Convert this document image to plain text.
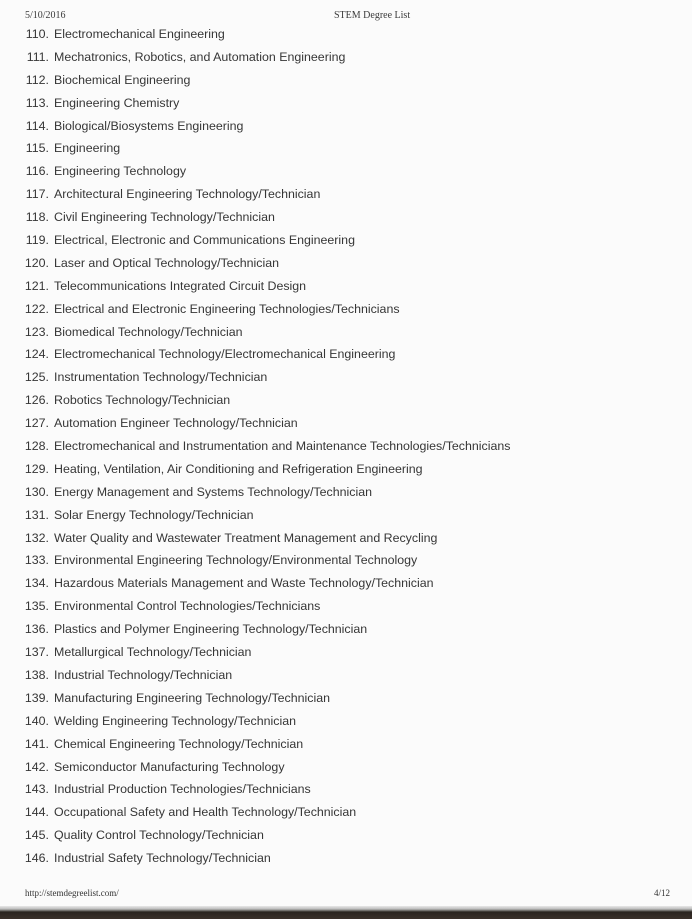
5/10/2016	STEM Degree List
110. Electromechanical Engineering
111. Mechatronics, Robotics, and Automation Engineering
112. Biochemical Engineering
113. Engineering Chemistry
114. Biological/Biosystems Engineering
115. Engineering
116. Engineering Technology
117. Architectural Engineering Technology/Technician
118. Civil Engineering Technology/Technician
119. Electrical, Electronic and Communications Engineering
120. Laser and Optical Technology/Technician
121. Telecommunications Integrated Circuit Design
122. Electrical and Electronic Engineering Technologies/Technicians
123. Biomedical Technology/Technician
124. Electromechanical Technology/Electromechanical Engineering
125. Instrumentation Technology/Technician
126. Robotics Technology/Technician
127. Automation Engineer Technology/Technician
128. Electromechanical and Instrumentation and Maintenance Technologies/Technicians
129. Heating, Ventilation, Air Conditioning and Refrigeration Engineering
130. Energy Management and Systems Technology/Technician
131. Solar Energy Technology/Technician
132. Water Quality and Wastewater Treatment Management and Recycling
133. Environmental Engineering Technology/Environmental Technology
134. Hazardous Materials Management and Waste Technology/Technician
135. Environmental Control Technologies/Technicians
136. Plastics and Polymer Engineering Technology/Technician
137. Metallurgical Technology/Technician
138. Industrial Technology/Technician
139. Manufacturing Engineering Technology/Technician
140. Welding Engineering Technology/Technician
141. Chemical Engineering Technology/Technician
142. Semiconductor Manufacturing Technology
143. Industrial Production Technologies/Technicians
144. Occupational Safety and Health Technology/Technician
145. Quality Control Technology/Technician
146. Industrial Safety Technology/Technician
http://stemdegreelist.com/	4/12
